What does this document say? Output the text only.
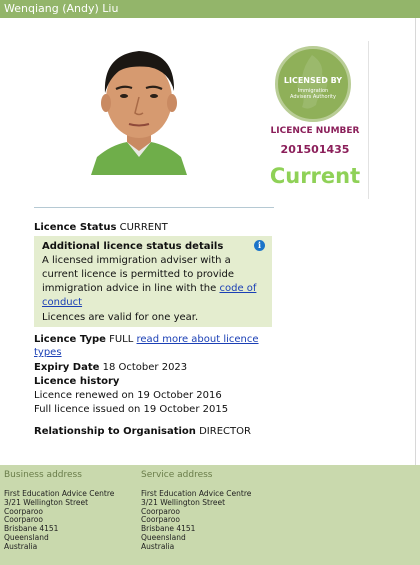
Wenqiang (Andy) Liu
LICENSED BY
Immigration
Advisers Authority
LICENCE NUMBER
201501435
Current
Licence Status CURRENT
Additional licence status details	i
A licensed immigration adviser with a current licence is permitted to provide immigration advice in line with the code of conduct
Licences are valid for one year.
Licence Type FULL read more about licence types
Expiry Date 18 October 2023
Licence history
Licence renewed on 19 October 2016
Full licence issued on 19 October 2015
Relationship to Organisation DIRECTOR
Business address
First Education Advice Centre
3/21 Wellington Street
Coorparoo
Coorparoo
Brisbane 4151
Queensland
Australia
Service address
First Education Advice Centre
3/21 Wellington Street
Coorparoo
Coorparoo
Brisbane 4151
Queensland
Australia
